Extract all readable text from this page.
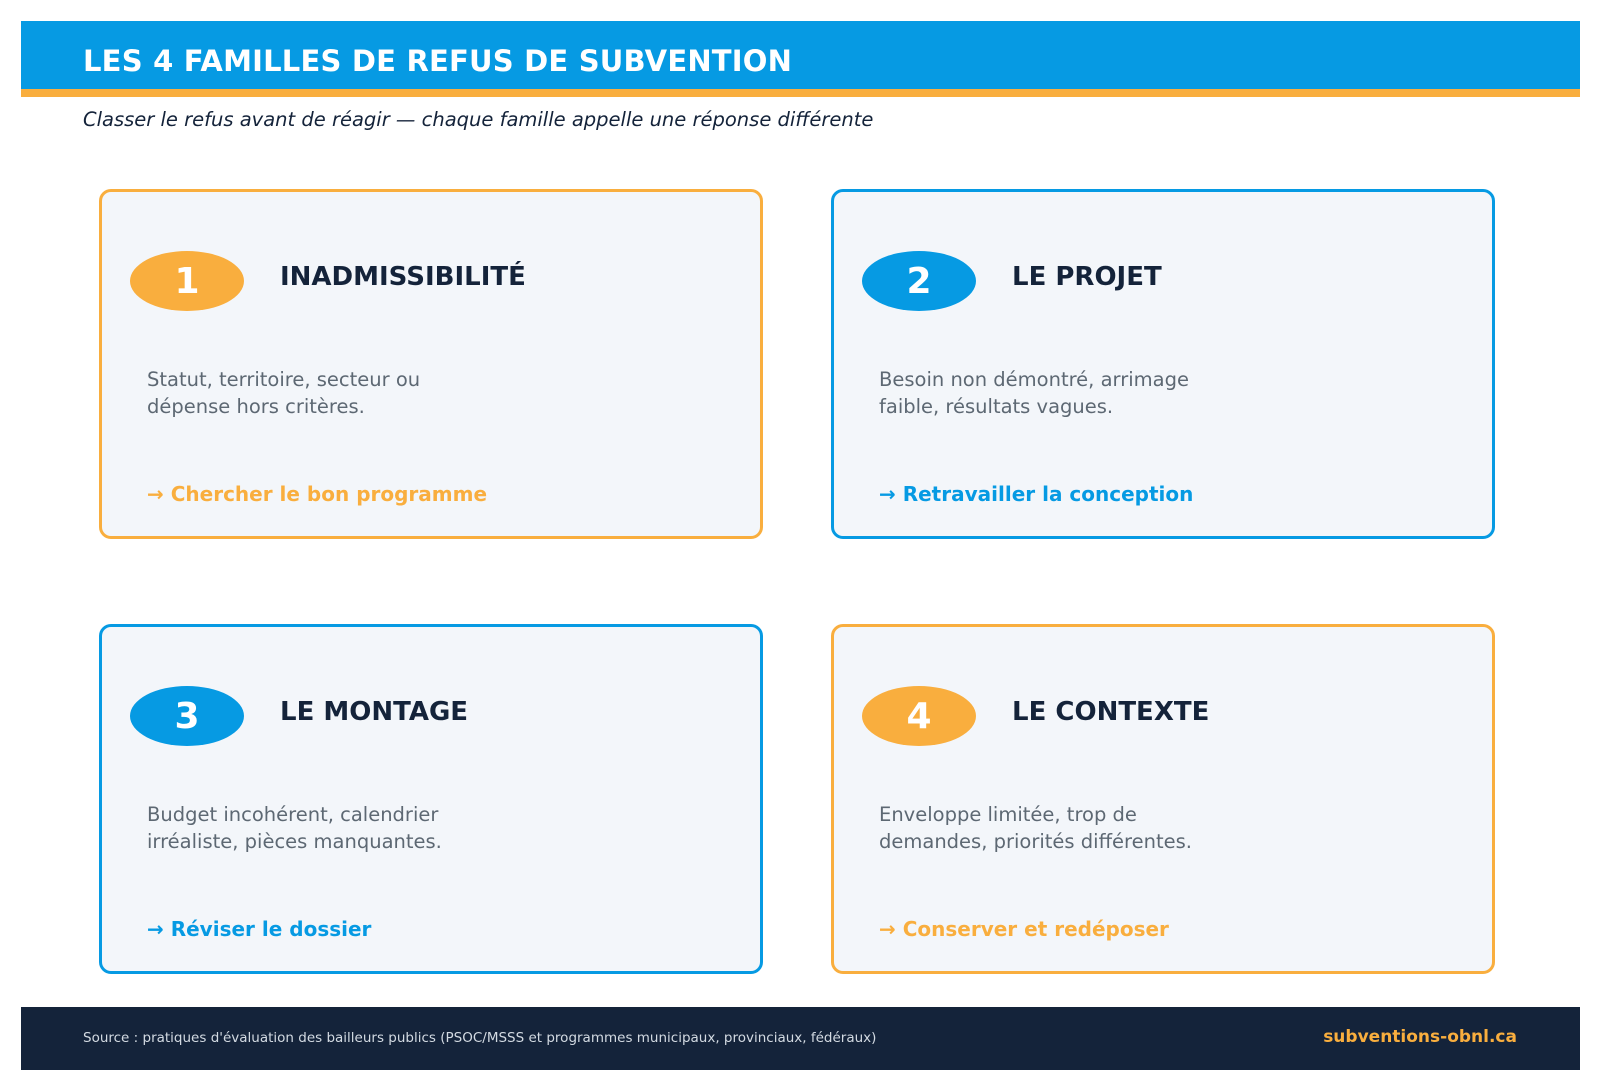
LES 4 FAMILLES DE REFUS DE SUBVENTION
Classer le refus avant de réagir — chaque famille appelle une réponse différente
1	INADMISSIBILITÉ
Statut, territoire, secteur ou dépense hors critères.
→ Chercher le bon programme
2	LE PROJET
Besoin non démontré, arrimage faible, résultats vagues.
→ Retravailler la conception
3	LE MONTAGE
Budget incohérent, calendrier irréaliste, pièces manquantes.
→ Réviser le dossier
4	LE CONTEXTE
Enveloppe limitée, trop de demandes, priorités différentes.
→ Conserver et redéposer
Source : pratiques d'évaluation des bailleurs publics (PSOC/MSSS et programmes municipaux, provinciaux, fédéraux)	subventions-obnl.ca
